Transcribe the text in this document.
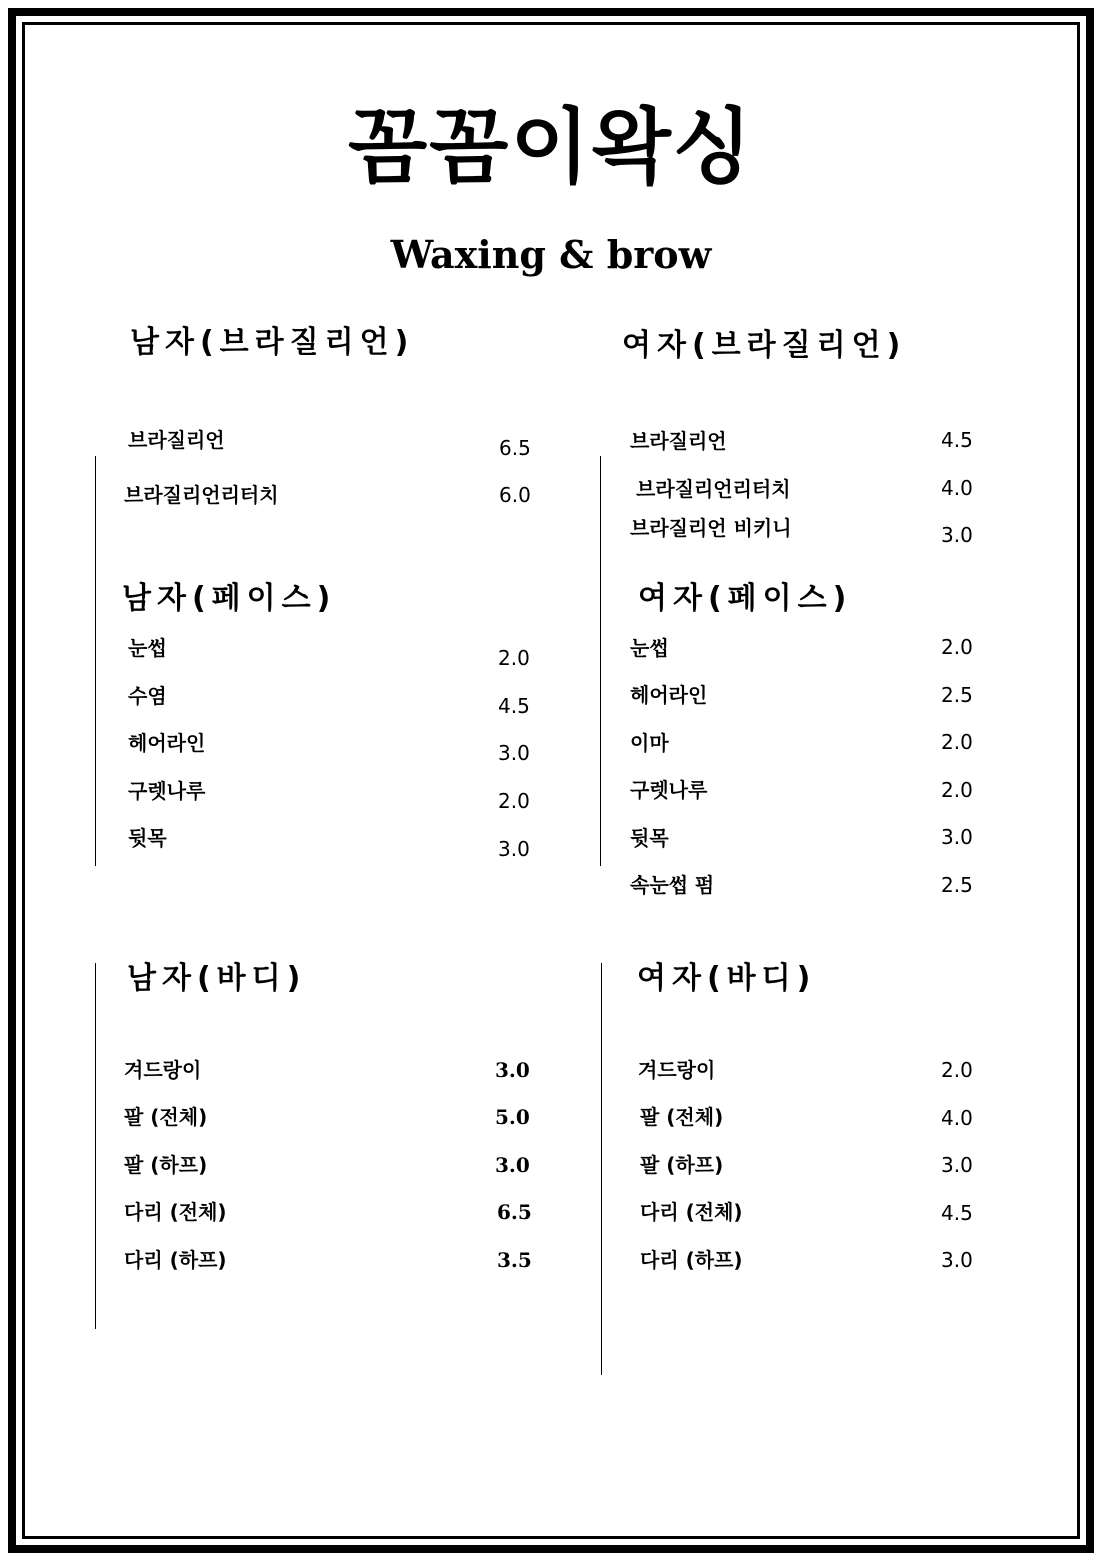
꼼꼼이왁싱
Waxing & brow
남자(브라질리언)
브라질리언	6.5
브라질리언리터치	6.0
여자(브라질리언)
브라질리언	4.5
브라질리언리터치	4.0
브라질리언 비키니	3.0
남자(페이스)
눈썹	2.0
수염	4.5
헤어라인	3.0
구렛나루	2.0
뒷목	3.0
여자(페이스)
눈썹	2.0
헤어라인	2.5
이마	2.0
구렛나루	2.0
뒷목	3.0
속눈썹 펌	2.5
남자(바디)
겨드랑이	3.0
팔 (전체)	5.0
팔 (하프)	3.0
다리 (전체)	6.5
다리 (하프)	3.5
여자(바디)
겨드랑이	2.0
팔 (전체)	4.0
팔 (하프)	3.0
다리 (전체)	4.5
다리 (하프)	3.0
